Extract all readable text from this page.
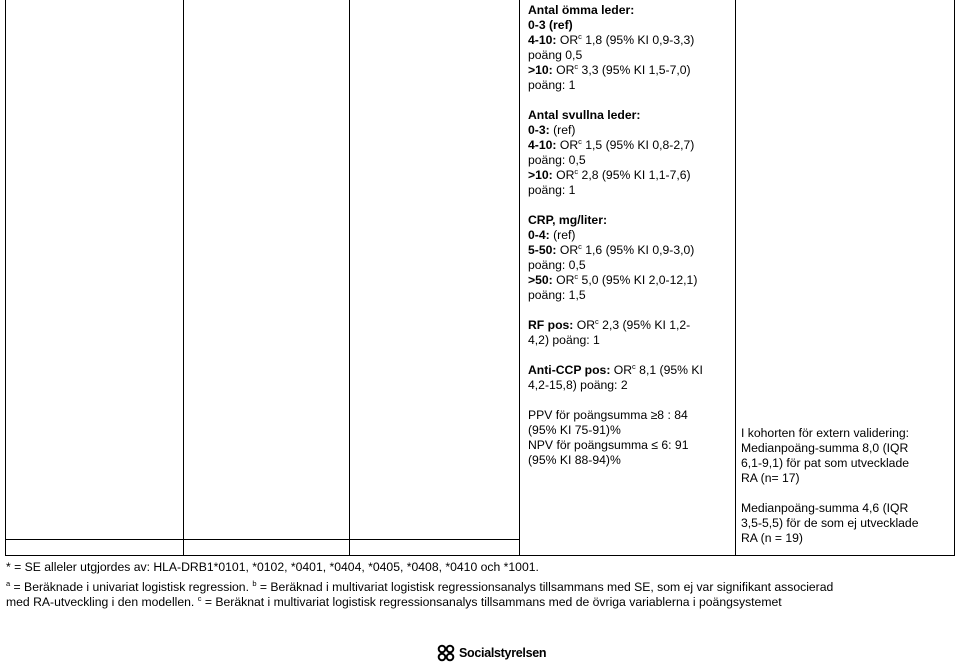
Antal ömma leder:
0-3 (ref)
4-10: $OR^c$ 1,8 (95% KI 0,9-3,3)
poäng 0,5
>10: $OR^c$ 3,3 (95% KI 1,5-7,0)
poäng: 1
Antal svullna leder:
0-3: (ref)
4-10: $OR^c$ 1,5 (95% KI 0,8-2,7)
poäng: 0,5
>10: $OR^c$ 2,8 (95% KI 1,1-7,6)
poäng: 1
CRP, mg/liter:
0-4: (ref)
5-50: $OR^c$ 1,6 (95% KI 0,9-3,0)
poäng: 0,5
>50: $OR^c$ 5,0 (95% KI 2,0-12,1)
poäng: 1,5
RF pos: $OR^c$ 2,3 (95% KI 1,2-
4,2) poäng: 1
Anti-CCP pos: $OR^c$ 8,1 (95% KI
4,2-15,8) poäng: 2
PPV för poängsumma ≥8 : 84
(95% KI 75-91)%
NPV för poängsumma ≤ 6: 91
(95% KI 88-94)%
I kohorten för extern validering:
Medianpoäng-summa 8,0 (IQR
6,1-9,1) för pat som utvecklade
RA (n= 17)
Medianpoäng-summa 4,6 (IQR
3,5-5,5) för de som ej utvecklade
RA (n = 19)
* = SE alleler utgjordes av: HLA-DRB1*0101, *0102, *0401, *0404, *0405, *0408, *0410 och *1001.
$^a$ = Beräknade i univariat logistisk regression. $^b$ = Beräknad i multivariat logistisk regressionsanalys tillsammans med SE, som ej var signifikant associerad
med RA-utveckling i den modellen. $^c$ = Beräknat i multivariat logistisk regressionsanalys tillsammans med de övriga variablerna i poängsystemet
Socialstyrelsen
